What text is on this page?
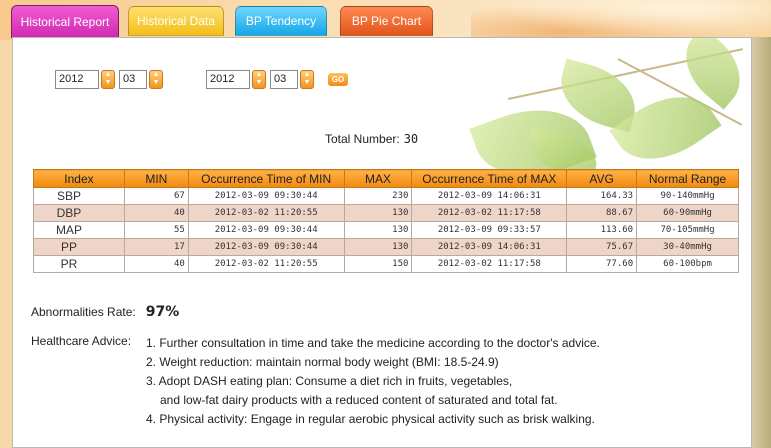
Historical Report	Historical Data	BP Tendency	BP Pie Chart
2012	▲
▼	03	▲
▼	2012	▲
▼	03	▲
▼	GO
Total Number: 30
Index	MIN	Occurrence Time of MIN	MAX	Occurrence Time of MAX	AVG	Normal Range
SBP	67	2012-03-09 09:30:44	230	2012-03-09 14:06:31	164.33	90-140mmHg
DBP	40	2012-03-02 11:20:55	130	2012-03-02 11:17:58	88.67	60-90mmHg
MAP	55	2012-03-09 09:30:44	130	2012-03-09 09:33:57	113.60	70-105mmHg
PP	17	2012-03-09 09:30:44	130	2012-03-09 14:06:31	75.67	30-40mmHg
PR	40	2012-03-02 11:20:55	150	2012-03-02 11:17:58	77.60	60-100bpm
Abnormalities Rate: 97%
Healthcare Advice: 1. Further consultation in time and take the medicine according to the doctor's advice.
2. Weight reduction: maintain normal body weight (BMI: 18.5-24.9)
3. Adopt DASH eating plan: Consume a diet rich in fruits, vegetables,
and low-fat dairy products with a reduced content of saturated and total fat.
4. Physical activity: Engage in regular aerobic physical activity such as brisk walking.
